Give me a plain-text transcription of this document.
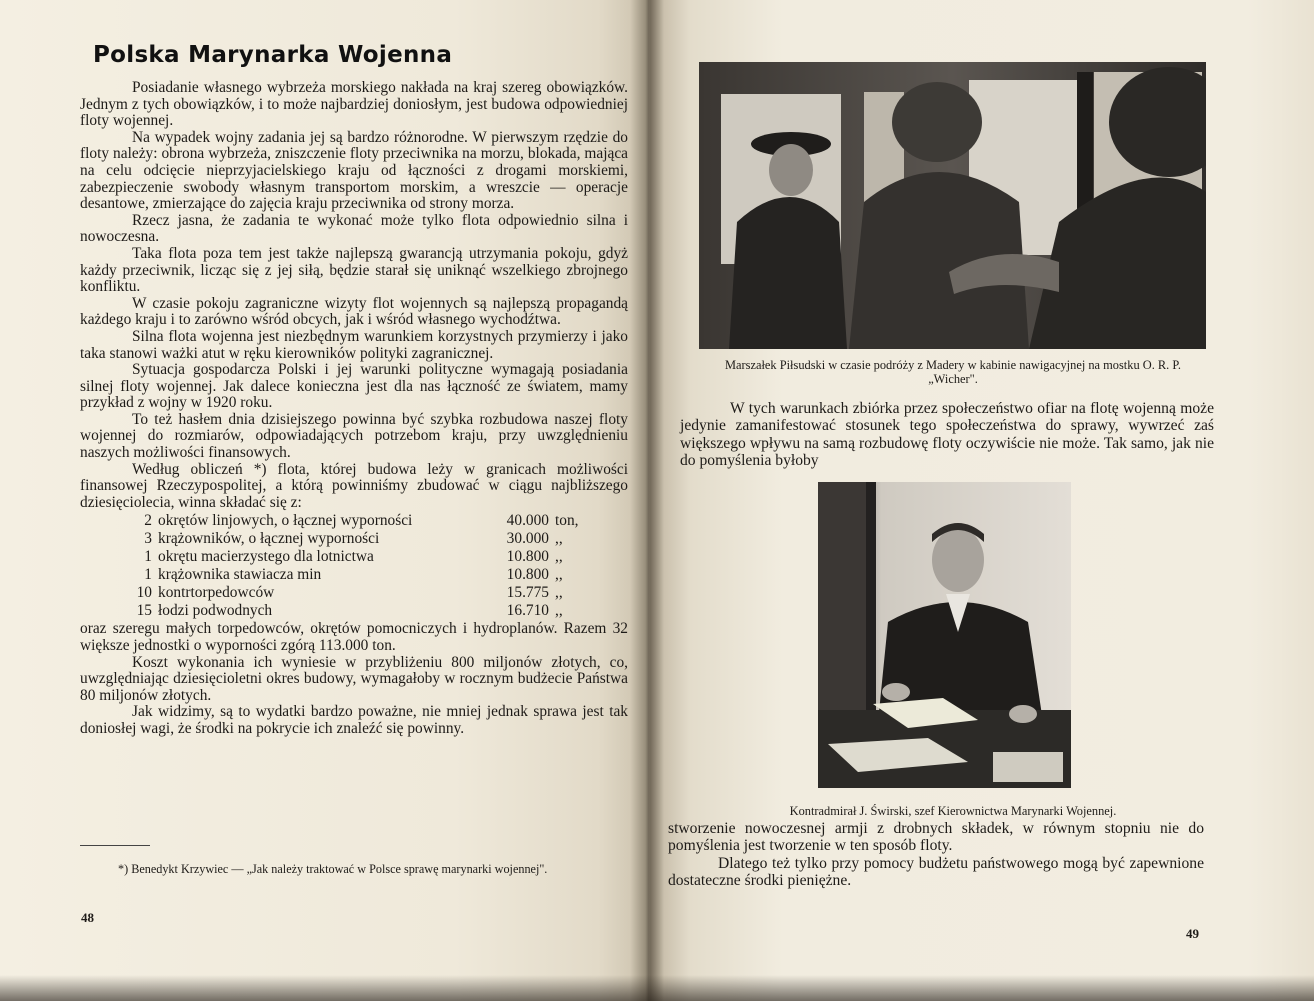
Polska Marynarka Wojenna

Posiadanie własnego wybrzeża morskiego nakłada na kraj szereg obowiązków. Jednym z tych obowiązków, i to może najbardziej doniosłym, jest budowa odpowiedniej floty wojennej.

Na wypadek wojny zadania jej są bardzo różnorodne. W pierwszym rzędzie do floty należy: obrona wybrzeża, zniszczenie floty przeciwnika na morzu, blokada, mająca na celu odcięcie nieprzyjacielskiego kraju od łączności z drogami morskiemi, zabezpieczenie swobody własnym transportom morskim, a wreszcie — operacje desantowe, zmierzające do zajęcia kraju przeciwnika od strony morza.

Rzecz jasna, że zadania te wykonać może tylko flota odpowiednio silna i nowoczesna.

Taka flota poza tem jest także najlepszą gwarancją utrzymania pokoju, gdyż każdy przeciwnik, licząc się z jej siłą, będzie starał się uniknąć wszelkiego zbrojnego konfliktu.

W czasie pokoju zagraniczne wizyty flot wojennych są najlepszą propagandą każdego kraju i to zarówno wśród obcych, jak i wśród własnego wychodźtwa.

Silna flota wojenna jest niezbędnym warunkiem korzystnych przymierzy i jako taka stanowi ważki atut w ręku kierowników polityki zagranicznej.

Sytuacja gospodarcza Polski i jej warunki polityczne wymagają posiadania silnej floty wojennej. Jak dalece konieczna jest dla nas łączność ze światem, mamy przykład z wojny w 1920 roku.

To też hasłem dnia dzisiejszego powinna być szybka rozbudowa naszej floty wojennej do rozmiarów, odpowiadających potrzebom kraju, przy uwzględnieniu naszych możliwości finansowych.

Według obliczeń *) flota, której budowa leży w granicach możliwości finansowej Rzeczypospolitej, a którą powinniśmy zbudować w ciągu najbliższego dziesięciolecia, winna składać się z:

2	okrętów linjowych, o łącznej wyporności	40.000	ton,
3	krążowników, o łącznej wyporności	30.000	,,
1	okrętu macierzystego dla lotnictwa	10.800	,,
1	krążownika stawiacza min	10.800	,,
10	kontrtorpedowców	15.775	,,
15	łodzi podwodnych	16.710	,,

oraz szeregu małych torpedowców, okrętów pomocniczych i hydroplanów. Razem 32 większe jednostki o wyporności zgórą 113.000 ton.

Koszt wykonania ich wyniesie w przybliżeniu 800 miljonów złotych, co, uwzględniając dziesięcioletni okres budowy, wymagałoby w rocznym budżecie Państwa 80 miljonów złotych.

Jak widzimy, są to wydatki bardzo poważne, nie mniej jednak sprawa jest tak doniosłej wagi, że środki na pokrycie ich znaleźć się powinny.

*) Benedykt Krzywiec — „Jak należy traktować w Polsce sprawę marynarki wojennej".
48
Marszałek Piłsudski w czasie podróży z Madery w kabinie nawigacyjnej na mostku O. R. P. „Wicher".

W tych warunkach zbiórka przez społeczeństwo ofiar na flotę wojenną może jedynie zamanifestować stosunek tego społeczeństwa do sprawy, wywrzeć zaś większego wpływu na samą rozbudowę floty oczywiście nie może. Tak samo, jak nie do pomyślenia byłoby

Kontradmirał J. Świrski, szef Kierownictwa Marynarki Wojennej.

stworzenie nowoczesnej armji z drobnych składek, w równym stopniu nie do pomyślenia jest tworzenie w ten sposób floty.

Dlatego też tylko przy pomocy budżetu państwowego mogą być zapewnione dostateczne środki pieniężne.

49
